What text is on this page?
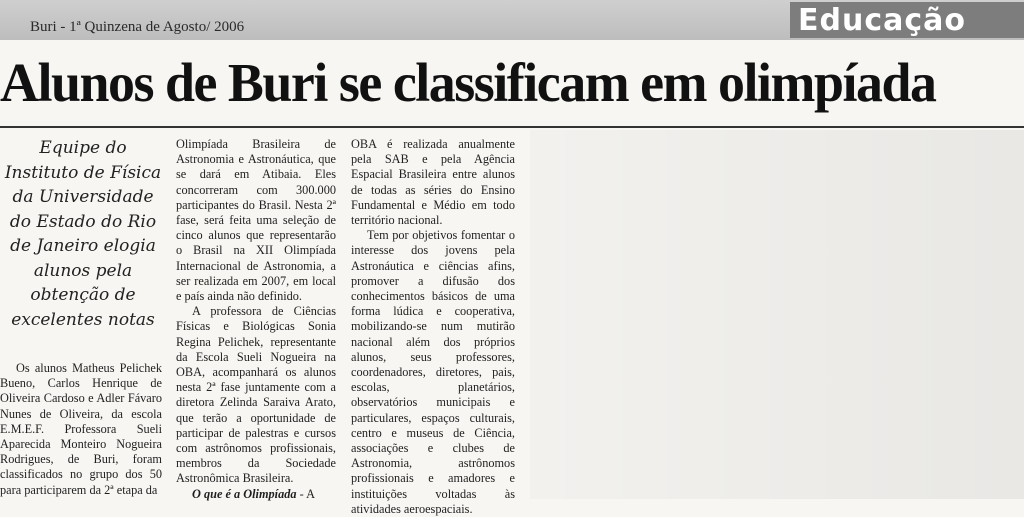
Buri - 1ª Quinzena de Agosto/ 2006	Educação
Alunos de Buri se classificam em olimpíada
Equipe do Instituto de Física da Universidade do Estado do Rio de Janeiro elogia alunos pela obtenção de excelentes notas

Os alunos Matheus Pelichek Bueno, Carlos Henrique de Oliveira Cardoso e Adler Fávaro Nunes de Oliveira, da escola E.M.E.F. Professora Sueli Aparecida Monteiro Nogueira Rodrigues, de Buri, foram classificados no grupo dos 50 para participarem da 2ª etapa da

Olimpíada Brasileira de Astronomia e Astronáutica, que se dará em Atibaia. Eles concorreram com 300.000 participantes do Brasil. Nesta 2ª fase, será feita uma seleção de cinco alunos que representarão o Brasil na XII Olimpíada Internacional de Astronomia, a ser realizada em 2007, em local e país ainda não definido.

A professora de Ciências Físicas e Biológicas Sonia Regina Pelichek, representante da Escola Sueli Nogueira na OBA, acompanhará os alunos nesta 2ª fase juntamente com a diretora Zelinda Saraiva Arato, que terão a oportunidade de participar de palestras e cursos com astrônomos profissionais, membros da Sociedade Astronômica Brasileira.

O que é a Olimpíada - A

OBA é realizada anualmente pela SAB e pela Agência Espacial Brasileira entre alunos de todas as séries do Ensino Fundamental e Médio em todo território nacional.

Tem por objetivos fomentar o interesse dos jovens pela Astronáutica e ciências afins, promover a difusão dos conhecimentos básicos de uma forma lúdica e cooperativa, mobilizando-se num mutirão nacional além dos próprios alunos, seus professores, coordenadores, diretores, pais, escolas, planetários, observatórios municipais e particulares, espaços culturais, centro e museus de Ciência, associações e clubes de Astronomia, astrônomos profissionais e amadores e instituições voltadas às atividades aeroespaciais.
